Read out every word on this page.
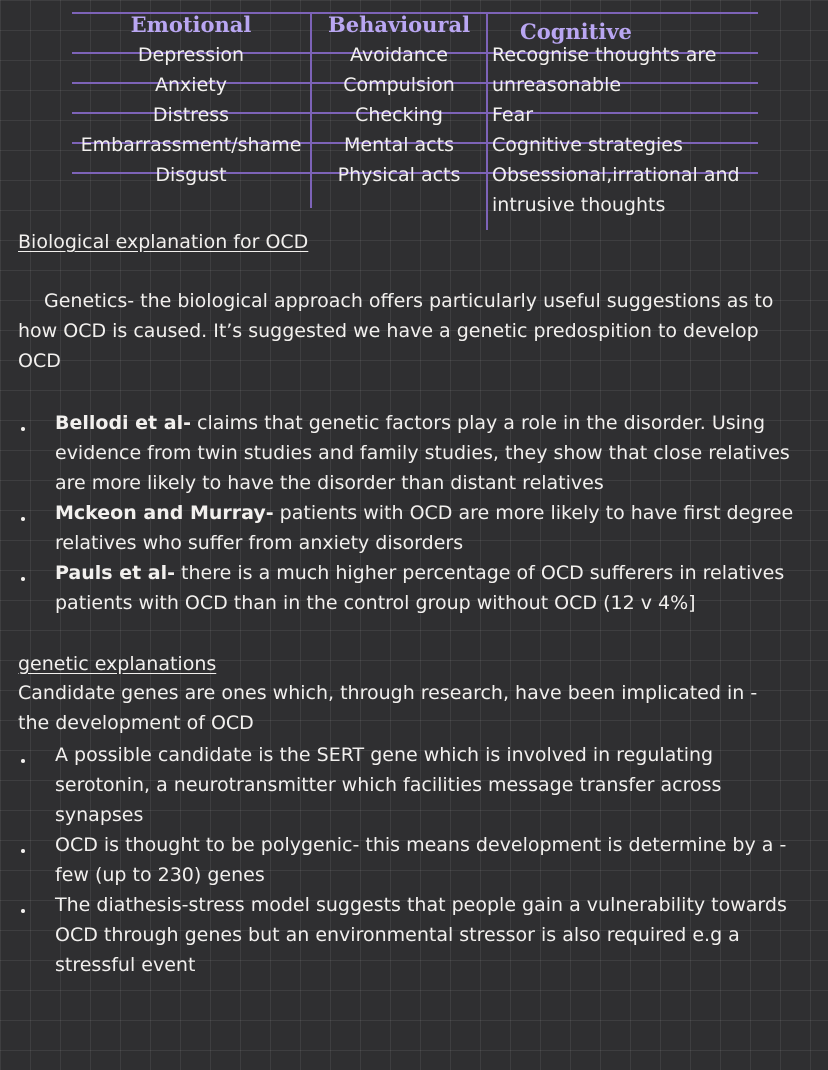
Emotional
Depression
Anxiety
Distress
Embarrassment/shame
Disgust
Behavioural
Avoidance
Compulsion
Checking
Mental acts
Physical acts
Cognitive
Recognise thoughts are
unreasonable
Fear
Cognitive strategies
Obsessional,irrational and
intrusive thoughts
Biological explanation for OCD
Genetics- the biological approach offers particularly useful suggestions as to how OCD is caused. It’s suggested we have a genetic predospition to develop OCD
Bellodi et al- claims that genetic factors play a role in the disorder. Using evidence from twin studies and family studies, they show that close relatives are more likely to have the disorder than distant relatives
Mckeon and Murray- patients with OCD are more likely to have first degree relatives who suffer from anxiety disorders
Pauls et al- there is a much higher percentage of OCD sufferers in relatives patients with OCD than in the control group without OCD (12 v 4%]
genetic explanations
Candidate genes are ones which, through research, have been implicated in - the development of OCD
A possible candidate is the SERT gene which is involved in regulating serotonin, a neurotransmitter which facilities message transfer across synapses
OCD is thought to be polygenic- this means development is determine by a - few (up to 230) genes
The diathesis-stress model suggests that people gain a vulnerability towards OCD through genes but an environmental stressor is also required e.g a stressful event
